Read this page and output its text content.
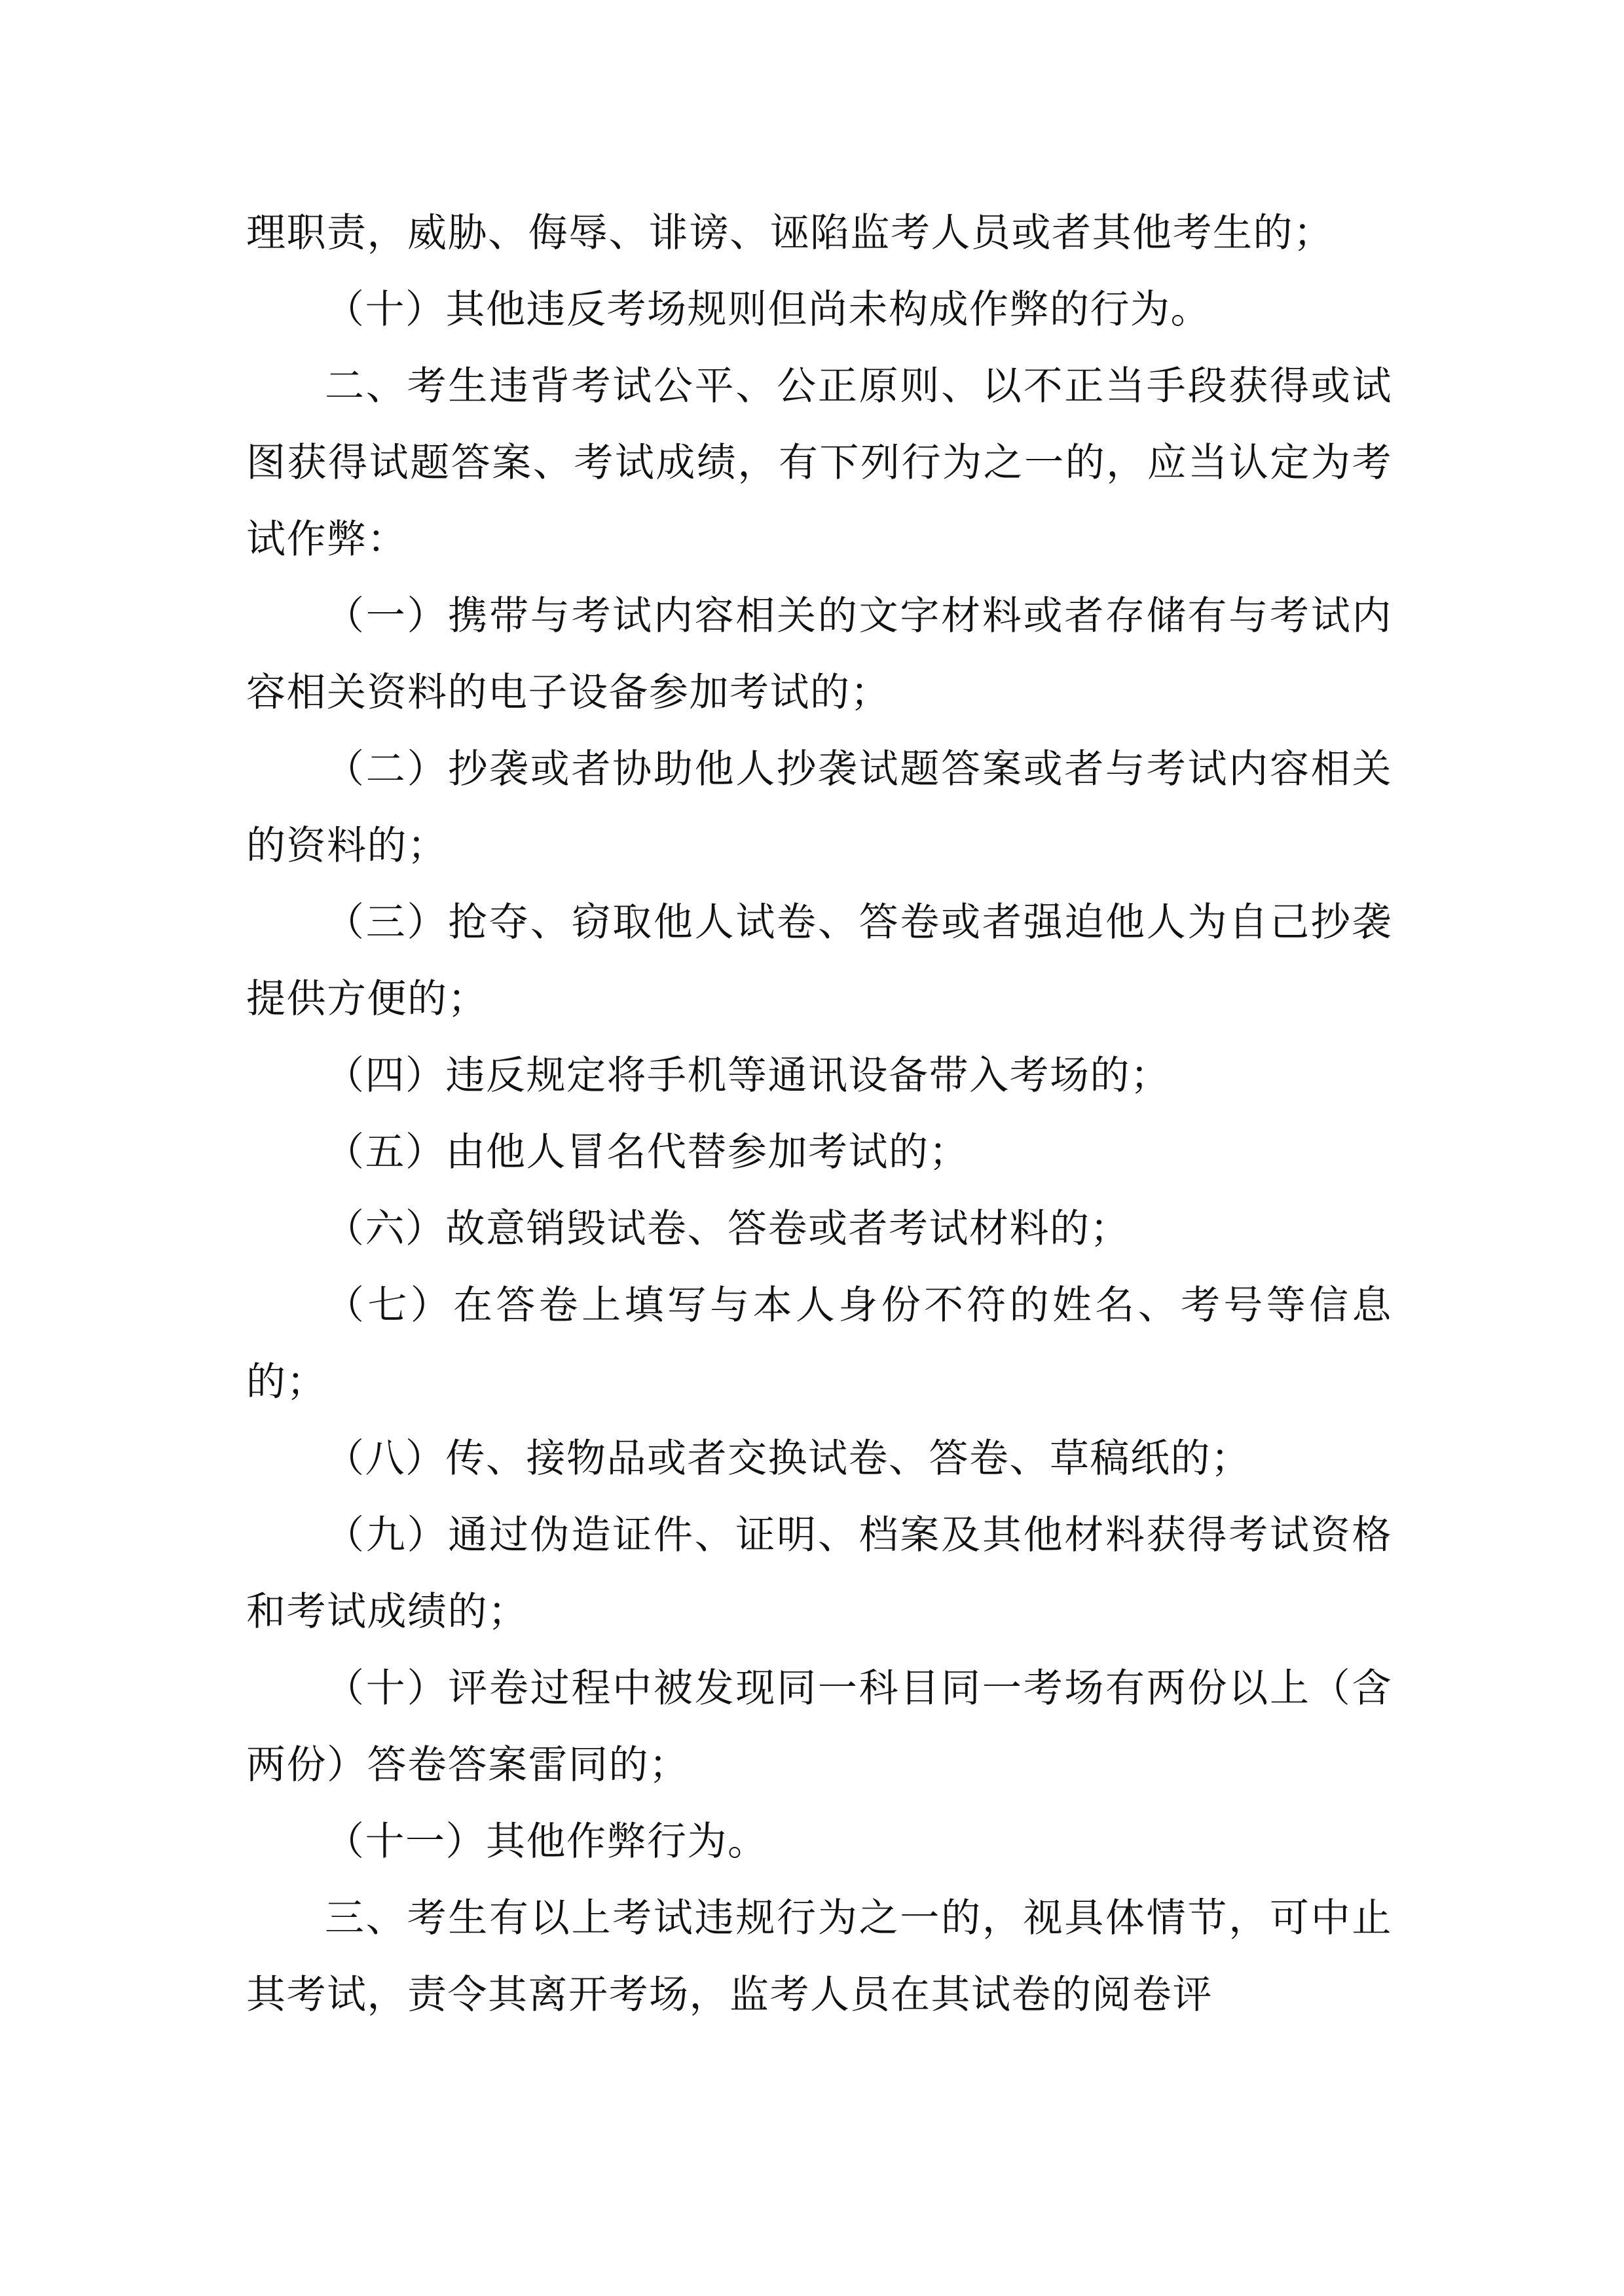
理职责，威胁、侮辱、诽谤、诬陷监考人员或者其他考生的；

（十）其他违反考场规则但尚未构成作弊的行为。

二、考生违背考试公平、公正原则、以不正当手段获得或试图获得试题答案、考试成绩，有下列行为之一的，应当认定为考试作弊：

（一）携带与考试内容相关的文字材料或者存储有与考试内容相关资料的电子设备参加考试的；

（二）抄袭或者协助他人抄袭试题答案或者与考试内容相关的资料的；

（三）抢夺、窃取他人试卷、答卷或者强迫他人为自己抄袭提供方便的；

（四）违反规定将手机等通讯设备带入考场的；

（五）由他人冒名代替参加考试的；

（六）故意销毁试卷、答卷或者考试材料的；

（七）在答卷上填写与本人身份不符的姓名、考号等信息的；

（八）传、接物品或者交换试卷、答卷、草稿纸的；

（九）通过伪造证件、证明、档案及其他材料获得考试资格和考试成绩的；

（十）评卷过程中被发现同一科目同一考场有两份以上（含两份）答卷答案雷同的；

（十一）其他作弊行为。

三、考生有以上考试违规行为之一的，视具体情节，可中止其考试，责令其离开考场，监考人员在其试卷的阅卷评
